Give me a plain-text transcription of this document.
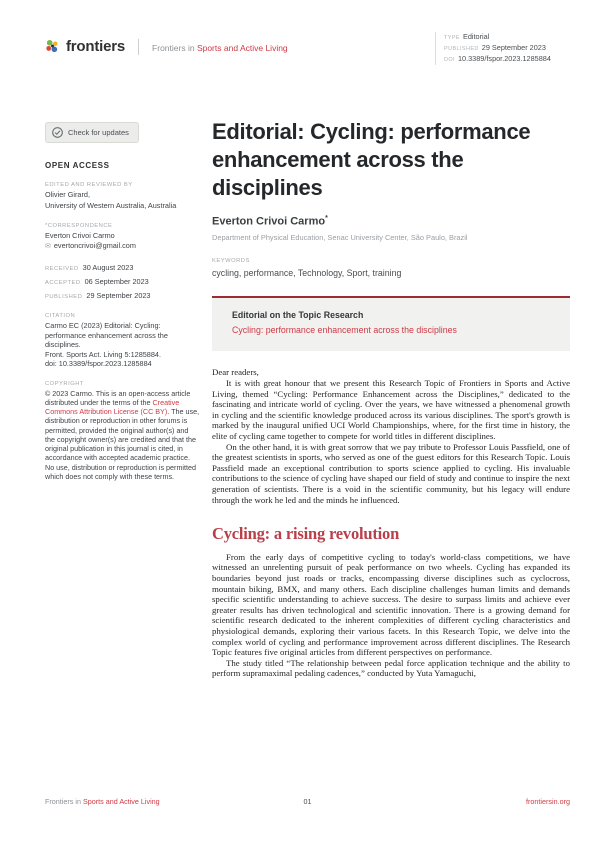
frontiers	Frontiers in Sports and Active Living
TYPE Editorial
PUBLISHED 29 September 2023
DOI 10.3389/fspor.2023.1285884
Check for updates
OPEN ACCESS
EDITED AND REVIEWED BY
Olivier Girard,
University of Western Australia, Australia
*CORRESPONDENCE
Everton Crivoi Carmo
✉ evertoncrivoi@gmail.com
RECEIVED 30 August 2023
ACCEPTED 06 September 2023
PUBLISHED 29 September 2023
CITATION
Carmo EC (2023) Editorial: Cycling: performance enhancement across the disciplines.
Front. Sports Act. Living 5:1285884.
doi: 10.3389/fspor.2023.1285884
COPYRIGHT
© 2023 Carmo. This is an open-access article distributed under the terms of the Creative Commons Attribution License (CC BY). The use, distribution or reproduction in other forums is permitted, provided the original author(s) and the copyright owner(s) are credited and that the original publication in this journal is cited, in accordance with accepted academic practice. No use, distribution or reproduction is permitted which does not comply with these terms.
Editorial: Cycling: performance enhancement across the disciplines
Everton Crivoi Carmo*
Department of Physical Education, Senac University Center, São Paulo, Brazil
KEYWORDS
cycling, performance, Technology, Sport, training
Editorial on the Topic Research
Cycling: performance enhancement across the disciplines

Dear readers,

It is with great honour that we present this Research Topic of Frontiers in Sports and Active Living, themed “Cycling: Performance Enhancement across the Disciplines,” dedicated to the fascinating and intricate world of cycling. Over the years, we have witnessed a phenomenal growth in cycling and the scientific knowledge produced across its various disciplines. The sport's growth is marked by the inaugural unified UCI World Championships, where, for the first time in history, the elite of cycling came together to compete for world titles in different disciplines.

On the other hand, it is with great sorrow that we pay tribute to Professor Louis Passfield, one of the greatest scientists in sports, who served as one of the guest editors for this Research Topic. Louis Passfield made an exceptional contribution to sports science applied to cycling. His invaluable contributions to the science of cycling have shaped our field of study and continue to inspire the next generation of scientists. There is a void in the scientific community, but his legacy will endure through the work he led and the minds he influenced.

Cycling: a rising revolution

From the early days of competitive cycling to today's world-class competitions, we have witnessed an unrelenting pursuit of peak performance on two wheels. Cycling has expanded its boundaries beyond just roads or tracks, encompassing diverse disciplines such as cyclocross, mountain biking, BMX, and many others. Each discipline challenges human limits and demands specific scientific understanding to achieve success. The desire to surpass limits and achieve ever greater results has driven technological and scientific innovation. There is a growing demand for scientific research dedicated to the inherent complexities of different cycling characteristics and physiological demands, exploring their various facets. In this Research Topic, we delve into the complex world of cycling and performance improvement across different disciplines. The Research Topic features five original articles from different perspectives on performance.

The study titled “The relationship between pedal force application technique and the ability to perform supramaximal pedaling cadences,” conducted by Yuta Yamaguchi,

Frontiers in Sports and Active Living	01	frontiersin.org
